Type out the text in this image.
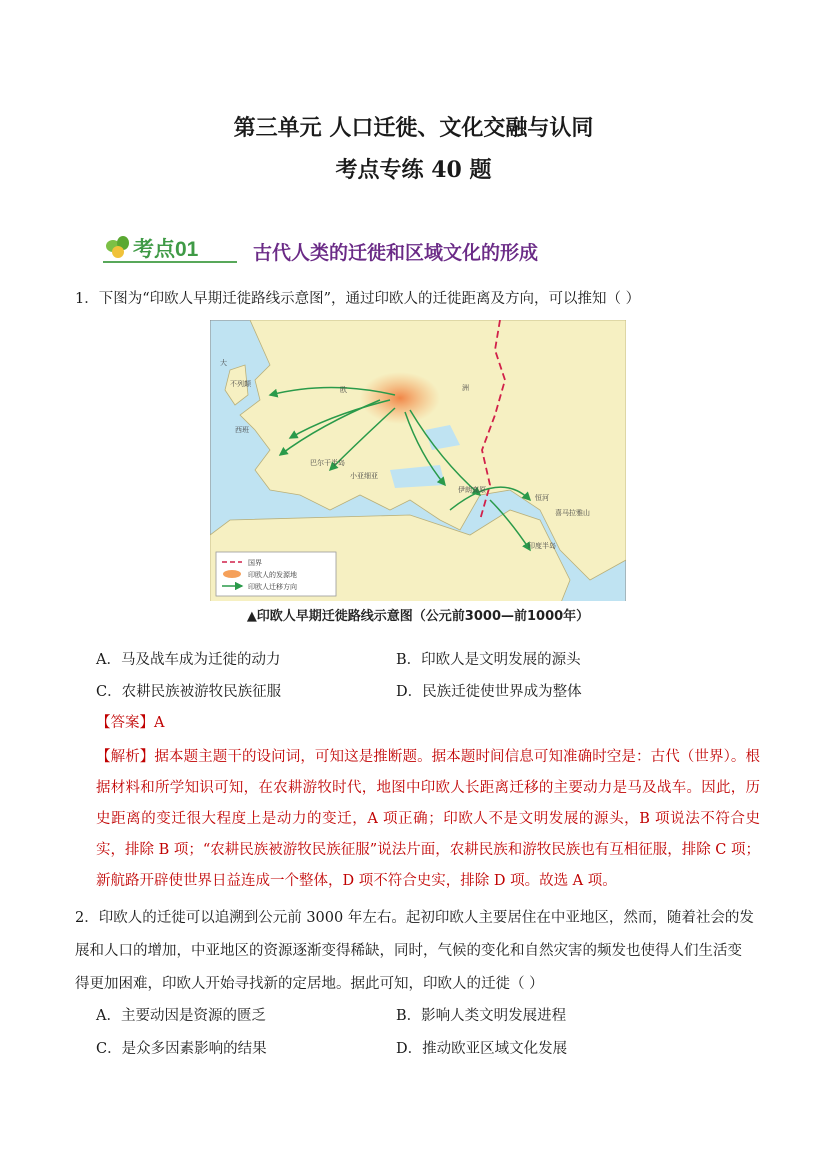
第三单元 人口迁徙、文化交融与认同
考点专练 40 题
考点01	古代人类的迁徙和区域文化的形成
1．下图为“印欧人早期迁徙路线示意图”，通过印欧人的迁徙距离及方向，可以推知（ ）
大
不列颠
西班
欧	洲
巴尔干半岛
小亚细亚
伊朗高原
恒河
印度半岛
喜马拉雅山
国界
印欧人的发源地
印欧人迁移方向
▲印欧人早期迁徙路线示意图（公元前3000—前1000年）
A．马及战车成为迁徙的动力	B．印欧人是文明发展的源头
C．农耕民族被游牧民族征服	D．民族迁徙使世界成为整体
【答案】A
【解析】据本题主题干的设问词，可知这是推断题。据本题时间信息可知准确时空是：古代（世界）。根据材料和所学知识可知，在农耕游牧时代，地图中印欧人长距离迁移的主要动力是马及战车。因此，历史距离的变迁很大程度上是动力的变迁，A 项正确；印欧人不是文明发展的源头，B 项说法不符合史实，排除 B 项；“农耕民族被游牧民族征服”说法片面，农耕民族和游牧民族也有互相征服，排除 C 项；新航路开辟使世界日益连成一个整体，D 项不符合史实，排除 D 项。故选 A 项。
2．印欧人的迁徙可以追溯到公元前 3000 年左右。起初印欧人主要居住在中亚地区，然而，随着社会的发展和人口的增加，中亚地区的资源逐渐变得稀缺，同时，气候的变化和自然灾害的频发也使得人们生活变得更加困难，印欧人开始寻找新的定居地。据此可知，印欧人的迁徙（ ）
A．主要动因是资源的匮乏	B．影响人类文明发展进程
C．是众多因素影响的结果	D．推动欧亚区域文化发展
